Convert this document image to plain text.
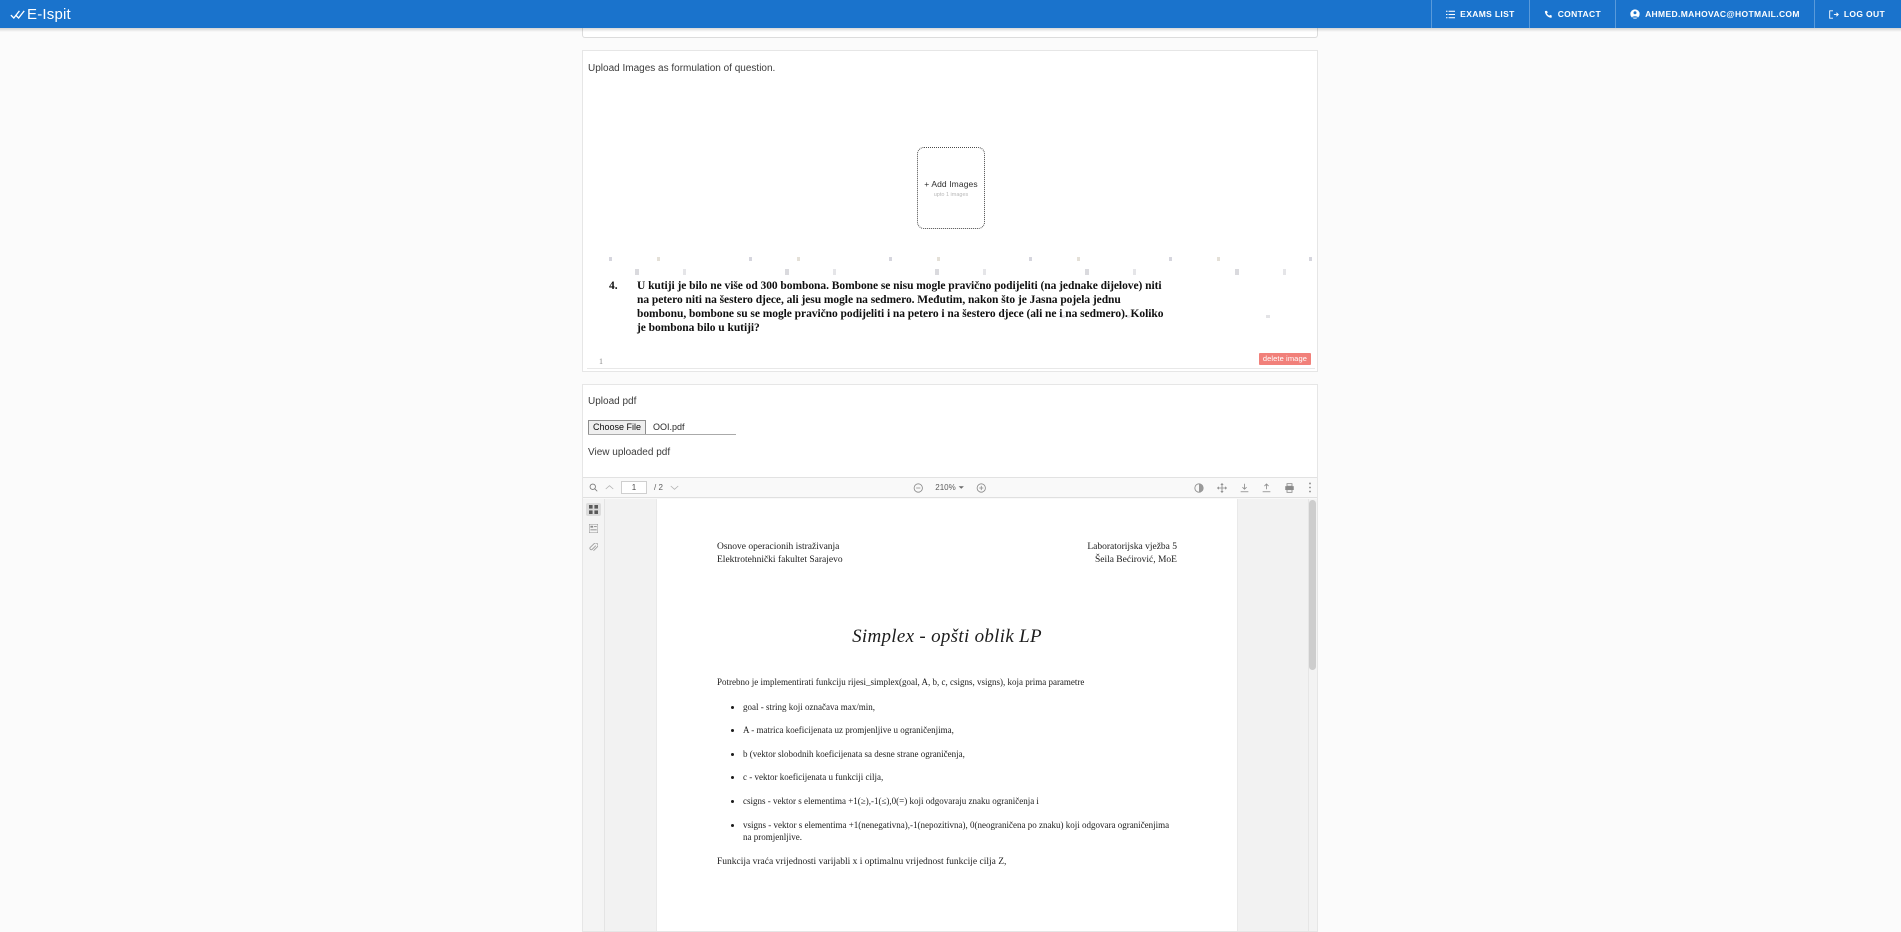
E-Ispit	EXAMS LIST	CONTACT	AHMED.MAHOVAC@HOTMAIL.COM	LOG OUT
Upload Images as formulation of question.
+ Add Images
upto 1 images
4.	U kutiji je bilo ne više od 300 bombona. Bombone se nisu mogle pravično podijeliti (na jednake dijelove) niti na petero niti na šestero djece, ali jesu mogle na sedmero. Međutim, nakon što je Jasna pojela jednu bombonu, bombone su se mogle pravično podijeliti i na petero i na šestero djece (ali ne i na sedmero). Koliko je bombona bilo u kutiji?
1	delete image
Upload pdf
Choose File	OOI.pdf
View uploaded pdf
1	/ 2	210%
Osnove operacionih istraživanja
Elektrotehnički fakultet Sarajevo
Laboratorijska vježba 5
Šeila Bećirović, MoE
Simplex - opšti oblik LP
Potrebno je implementirati funkciju rijesi_simplex(goal, A, b, c, csigns, vsigns), koja prima parametre
• goal - string koji označava max/min,
• A - matrica koeficijenata uz promjenljive u ograničenjima,
• b (vektor slobodnih koeficijenata sa desne strane ograničenja,
• c - vektor koeficijenata u funkciji cilja,
• csigns - vektor s elementima +1(≥),-1(≤),0(=) koji odgovaraju znaku ograničenja i
• vsigns - vektor s elementima +1(nenegativna),-1(nepozitivna), 0(neograničena po znaku) koji odgovara ograničenjima na promjenljive.
Funkcija vraća vrijednosti varijabli x i optimalnu vrijednost funkcije cilja Z,
